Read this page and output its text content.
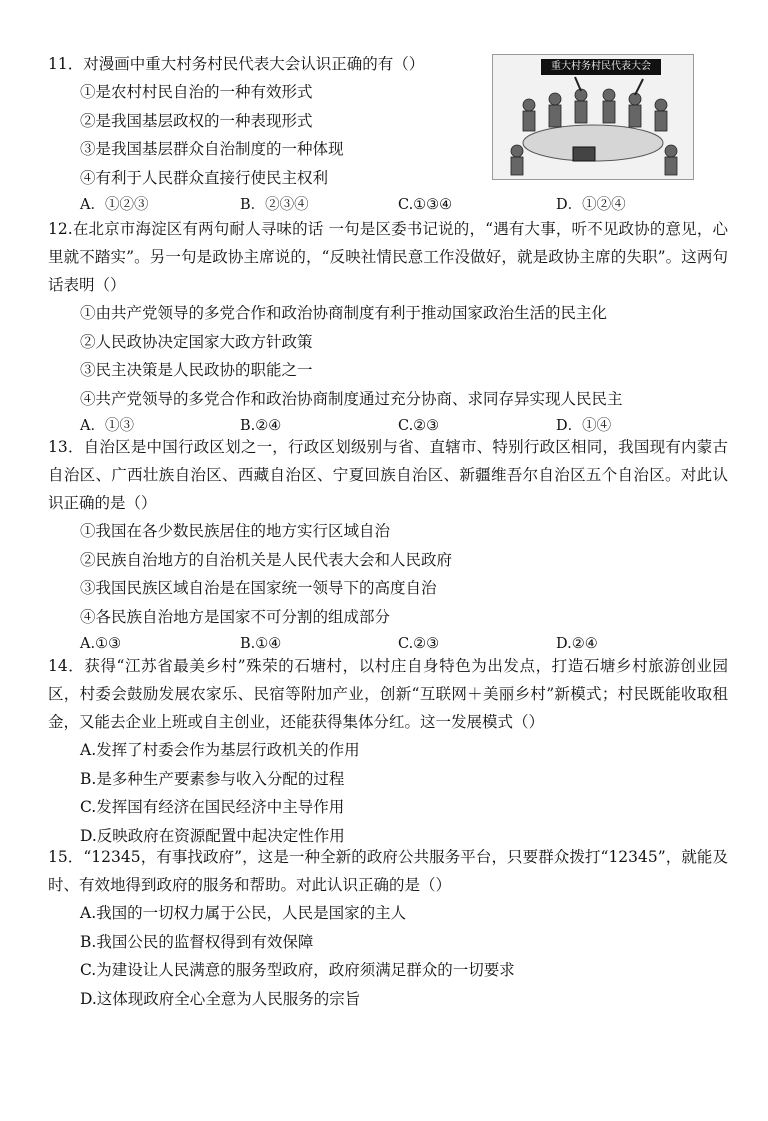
11．对漫画中重大村务村民代表大会认识正确的有（）

①是农村村民自治的一种有效形式

②是我国基层政权的一种表现形式

③是我国基层群众自治制度的一种体现

④有利于人民群众直接行使民主权利

A．①②③	B．②③④	C.①③④	D．①②④
重大村务村民代表大会

12.在北京市海淀区有两句耐人寻味的话 一句是区委书记说的，“遇有大事，听不见政协的意见，心里就不踏实”。另一句是政协主席说的，“反映社情民意工作没做好，就是政协主席的失职”。这两句话表明（）

①由共产党领导的多党合作和政治协商制度有利于推动国家政治生活的民主化

②人民政协决定国家大政方针政策

③民主决策是人民政协的职能之一

④共产党领导的多党合作和政治协商制度通过充分协商、求同存异实现人民民主

A．①③	B.②④	C.②③	D．①④

13．自治区是中国行政区划之一，行政区划级别与省、直辖市、特别行政区相同，我国现有内蒙古自治区、广西壮族自治区、西藏自治区、宁夏回族自治区、新疆维吾尔自治区五个自治区。对此认识正确的是（）

①我国在各少数民族居住的地方实行区域自治

②民族自治地方的自治机关是人民代表大会和人民政府

③我国民族区域自治是在国家统一领导下的高度自治

④各民族自治地方是国家不可分割的组成部分

A.①③	B.①④	C.②③	D.②④

14．获得“江苏省最美乡村”殊荣的石塘村，以村庄自身特色为出发点，打造石塘乡村旅游创业园区，村委会鼓励发展农家乐、民宿等附加产业，创新“互联网＋美丽乡村”新模式；村民既能收取租金，又能去企业上班或自主创业，还能获得集体分红。这一发展模式（）

A.发挥了村委会作为基层行政机关的作用

B.是多种生产要素参与收入分配的过程

C.发挥国有经济在国民经济中主导作用

D.反映政府在资源配置中起决定性作用

15．“12345，有事找政府”，这是一种全新的政府公共服务平台，只要群众拨打“12345”，就能及时、有效地得到政府的服务和帮助。对此认识正确的是（）

A.我国的一切权力属于公民，人民是国家的主人

B.我国公民的监督权得到有效保障

C.为建设让人民满意的服务型政府，政府须满足群众的一切要求

D.这体现政府全心全意为人民服务的宗旨
